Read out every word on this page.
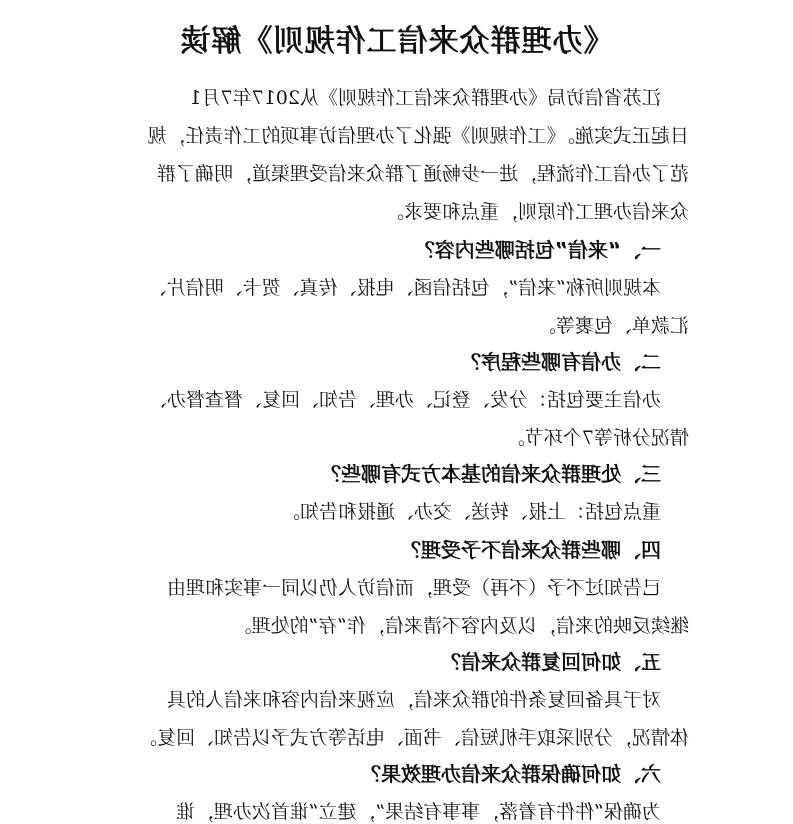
《办理群众来信工作规则》解读
江苏省信访局《办理群众来信工作规则》从2017年7月1
日起正式实施。《工作规则》强化了办理信访事项的工作责任，规
范了办信工作流程，进一步畅通了群众来信受理渠道，明确了群
众来信办理工作原则，重点和要求。
一、“来信”包括哪些内容？
本规则所称“来信”，包括信函、电报、传真、贺卡、明信片、
汇款单、包裹等。
二、办信有哪些程序？
办信主要包括：分发、登记、办理、告知、回复、督查督办、
情况分析等7个环节。
三、处理群众来信的基本方式有哪些？
重点包括：上报、转送、交办、通报和告知。
四、哪些群众来信不予受理？
已告知过不予（不再）受理，而信访人仍以同一事实和理由
继续反映的来信，以及内容不清来信，作“存”的处理。
五、如何回复群众来信？
对于具备回复条件的群众来信，应视来信内容和来信人的具
体情况，分别采取手机短信、书面、电话等方式予以告知、回复。
六、如何确保群众来信办理效果？
为确保“件件有着落，事事有结果”，建立“谁首次办理，谁
